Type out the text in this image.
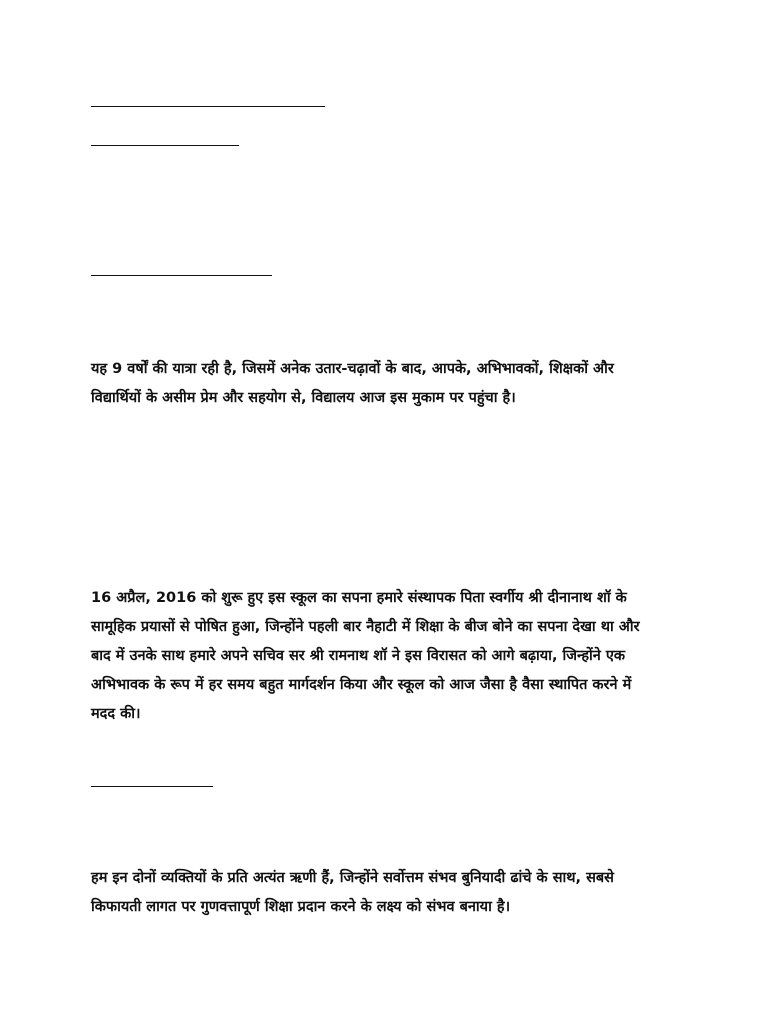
यह 9 वर्षों की यात्रा रही है, जिसमें अनेक उतार-चढ़ावों के बाद, आपके, अभिभावकों, शिक्षकों और
विद्यार्थियों के असीम प्रेम और सहयोग से, विद्यालय आज इस मुकाम पर पहुंचा है।

16 अप्रैल, 2016 को शुरू हुए इस स्कूल का सपना हमारे संस्थापक पिता स्वर्गीय श्री दीनानाथ शॉ के
सामूहिक प्रयासों से पोषित हुआ, जिन्होंने पहली बार नैहाटी में शिक्षा के बीज बोने का सपना देखा था और
बाद में उनके साथ हमारे अपने सचिव सर श्री रामनाथ शॉ ने इस विरासत को आगे बढ़ाया, जिन्होंने एक
अभिभावक के रूप में हर समय बहुत मार्गदर्शन किया और स्कूल को आज जैसा है वैसा स्थापित करने में
मदद की।

हम इन दोनों व्यक्तियों के प्रति अत्यंत ऋणी हैं, जिन्होंने सर्वोत्तम संभव बुनियादी ढांचे के साथ, सबसे
किफायती लागत पर गुणवत्तापूर्ण शिक्षा प्रदान करने के लक्ष्य को संभव बनाया है।
